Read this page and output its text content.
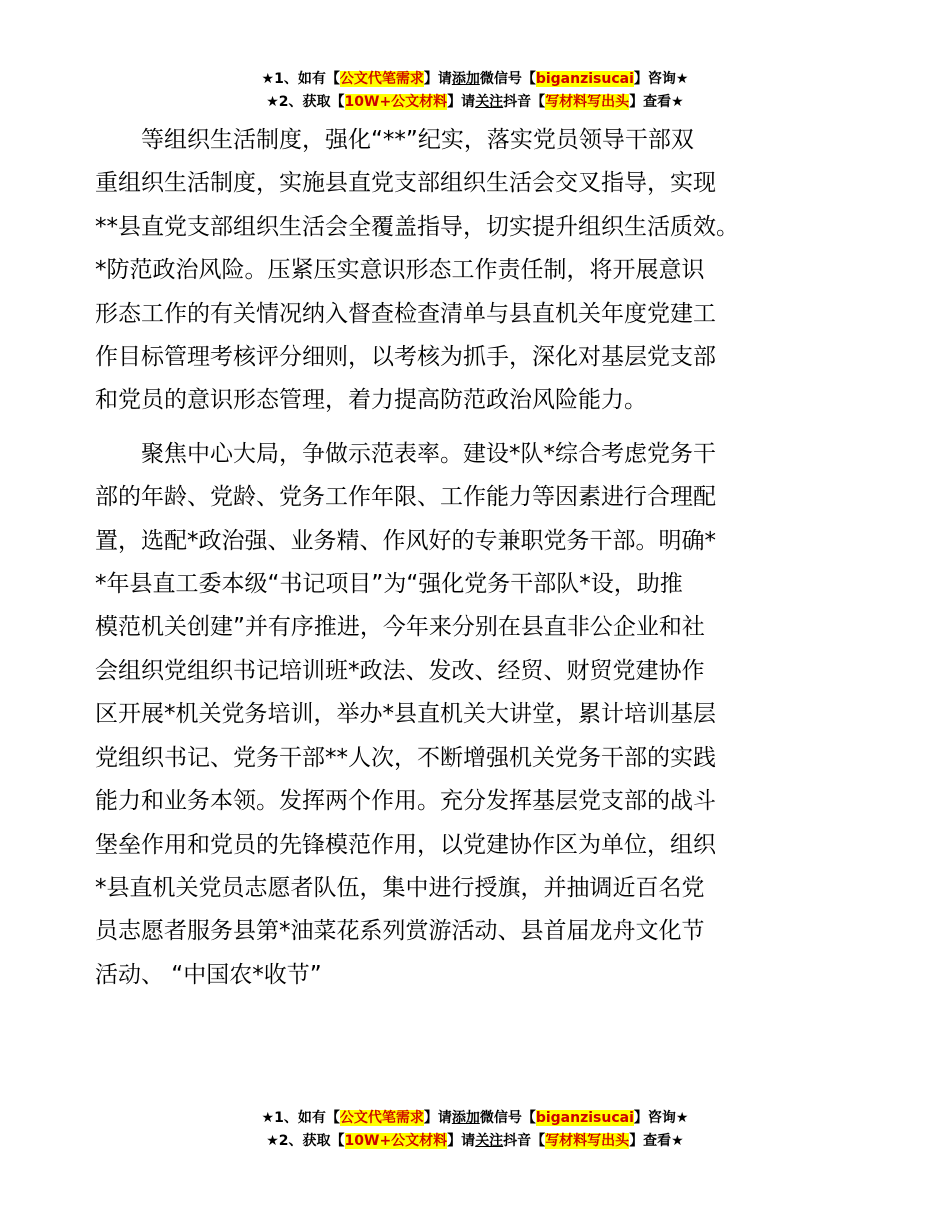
★1、如有【公文代笔需求】请添加微信号【biganzisucai】咨询★
★2、获取【10W+公文材料】请关注抖音【写材料写出头】查看★

等组织生活制度，强化“**”纪实，落实党员领导干部双
重组织生活制度，实施县直党支部组织生活会交叉指导，实现
**县直党支部组织生活会全覆盖指导，切实提升组织生活质效。
*防范政治风险。压紧压实意识形态工作责任制，将开展意识
形态工作的有关情况纳入督查检查清单与县直机关年度党建工
作目标管理考核评分细则，以考核为抓手，深化对基层党支部
和党员的意识形态管理，着力提高防范政治风险能力。

聚焦中心大局，争做示范表率。建设*队*综合考虑党务干
部的年龄、党龄、党务工作年限、工作能力等因素进行合理配
置，选配*政治强、业务精、作风好的专兼职党务干部。明确*
*年县直工委本级“书记项目”为“强化党务干部队*设，助推
模范机关创建”并有序推进，今年来分别在县直非公企业和社
会组织党组织书记培训班*政法、发改、经贸、财贸党建协作
区开展*机关党务培训，举办*县直机关大讲堂，累计培训基层
党组织书记、党务干部**人次，不断增强机关党务干部的实践
能力和业务本领。发挥两个作用。充分发挥基层党支部的战斗
堡垒作用和党员的先锋模范作用，以党建协作区为单位，组织
*县直机关党员志愿者队伍，集中进行授旗，并抽调近百名党
员志愿者服务县第*油菜花系列赏游活动、县首届龙舟文化节
活动、 “中国农*收节”

★1、如有【公文代笔需求】请添加微信号【biganzisucai】咨询★
★2、获取【10W+公文材料】请关注抖音【写材料写出头】查看★
